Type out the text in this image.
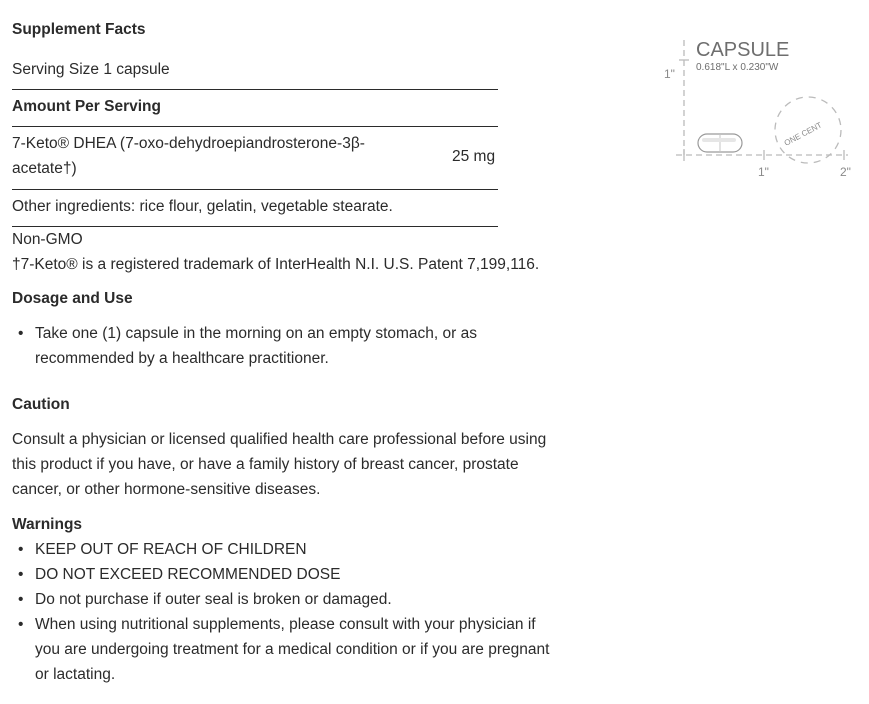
Supplement Facts
Serving Size 1 capsule
Amount Per Serving
7-Keto® DHEA (7-oxo-dehydroepiandrosterone-3β-
acetate†)
25 mg
Other ingredients: rice flour, gelatin, vegetable stearate.
Non-GMO
†7-Keto® is a registered trademark of InterHealth N.I. U.S. Patent 7,199,116.
Dosage and Use
• Take one (1) capsule in the morning on an empty stomach, or as
recommended by a healthcare practitioner.
Caution
Consult a physician or licensed qualified health care professional before using
this product if you have, or have a family history of breast cancer, prostate
cancer, or other hormone-sensitive diseases.
Warnings
• KEEP OUT OF REACH OF CHILDREN
• DO NOT EXCEED RECOMMENDED DOSE
• Do not purchase if outer seal is broken or damaged.
• When using nutritional supplements, please consult with your physician if
you are undergoing treatment for a medical condition or if you are pregnant
or lactating.
CAPSULE
0.618"L x 0.230"W
1"
1"	2"
ONE CENT
